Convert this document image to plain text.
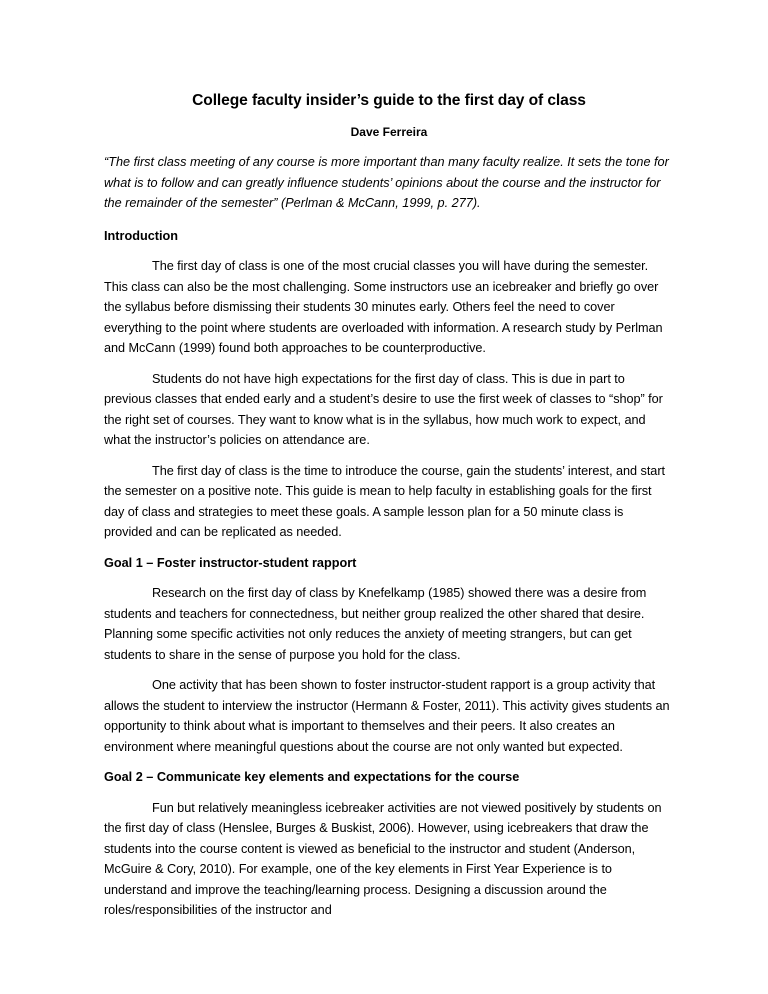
College faculty insider’s guide to the first day of class
Dave Ferreira
“The first class meeting of any course is more important than many faculty realize. It sets the tone for what is to follow and can greatly influence students’ opinions about the course and the instructor for the remainder of the semester” (Perlman & McCann, 1999, p. 277).
Introduction

The first day of class is one of the most crucial classes you will have during the semester. This class can also be the most challenging. Some instructors use an icebreaker and briefly go over the syllabus before dismissing their students 30 minutes early. Others feel the need to cover everything to the point where students are overloaded with information. A research study by Perlman and McCann (1999) found both approaches to be counterproductive.

Students do not have high expectations for the first day of class. This is due in part to previous classes that ended early and a student’s desire to use the first week of classes to “shop” for the right set of courses. They want to know what is in the syllabus, how much work to expect, and what the instructor’s policies on attendance are.

The first day of class is the time to introduce the course, gain the students’ interest, and start the semester on a positive note. This guide is mean to help faculty in establishing goals for the first day of class and strategies to meet these goals. A sample lesson plan for a 50 minute class is provided and can be replicated as needed.

Goal 1 – Foster instructor-student rapport

Research on the first day of class by Knefelkamp (1985) showed there was a desire from students and teachers for connectedness, but neither group realized the other shared that desire. Planning some specific activities not only reduces the anxiety of meeting strangers, but can get students to share in the sense of purpose you hold for the class.

One activity that has been shown to foster instructor-student rapport is a group activity that allows the student to interview the instructor (Hermann & Foster, 2011). This activity gives students an opportunity to think about what is important to themselves and their peers. It also creates an environment where meaningful questions about the course are not only wanted but expected.

Goal 2 – Communicate key elements and expectations for the course

Fun but relatively meaningless icebreaker activities are not viewed positively by students on the first day of class (Henslee, Burges & Buskist, 2006). However, using icebreakers that draw the students into the course content is viewed as beneficial to the instructor and student (Anderson, McGuire & Cory, 2010). For example, one of the key elements in First Year Experience is to understand and improve the teaching/learning process. Designing a discussion around the roles/responsibilities of the instructor and
